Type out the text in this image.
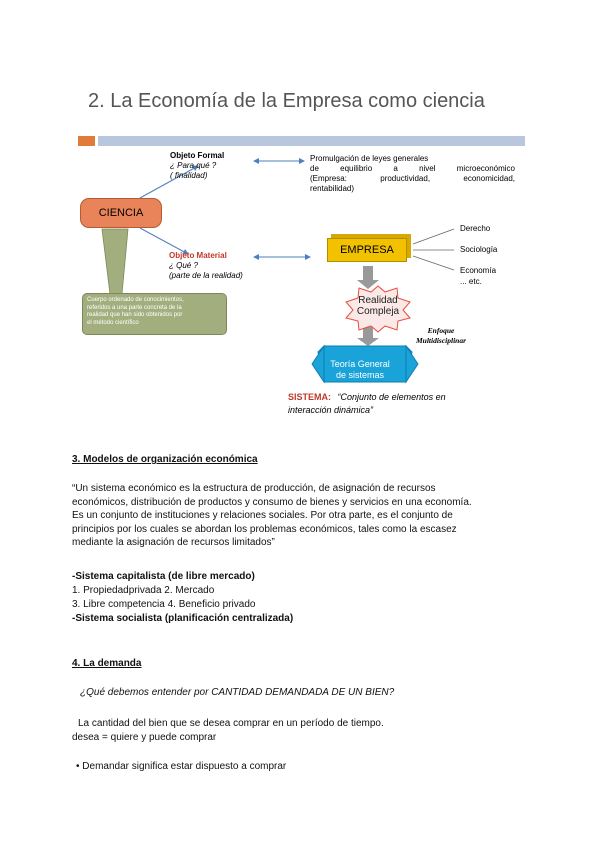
2. La Economía de la Empresa como ciencia
CIENCIA
Objeto Formal
¿ Para qué ?
( finalidad)
Objeto Material
¿ Qué ?
(parte de la realidad)
Promulgación de leyes generales
de equilibrio a nivel microeconómico
(Empresa: productividad, economicidad,
rentabilidad)
Cuerpo ordenado de conocimientos,
referidos a una parte concreta de la
realidad que han sido obtenidos por
el método científico
EMPRESA
Derecho
Sociología
Economía
... etc.
Realidad
Compleja
Enfoque
Multidisciplinar
Teoría General
de sistemas
SISTEMA: “Conjunto de elementos en
interacción dinámica”
3. Modelos de organización económica
“Un sistema económico es la estructura de producción, de asignación de recursos
económicos, distribución de productos y consumo de bienes y servicios en una economía.
Es un conjunto de instituciones y relaciones sociales. Por otra parte, es el conjunto de
principios por los cuales se abordan los problemas económicos, tales como la escasez
mediante la asignación de recursos limitados”
-Sistema capitalista (de libre mercado)
1. Propiedadprivada 2. Mercado
3. Libre competencia 4. Beneficio privado
-Sistema socialista (planificación centralizada)
4. La demanda
¿Qué debemos entender por CANTIDAD DEMANDADA DE UN BIEN?
La cantidad del bien que se desea comprar en un período de tiempo.
desea = quiere y puede comprar
• Demandar significa estar dispuesto a comprar
